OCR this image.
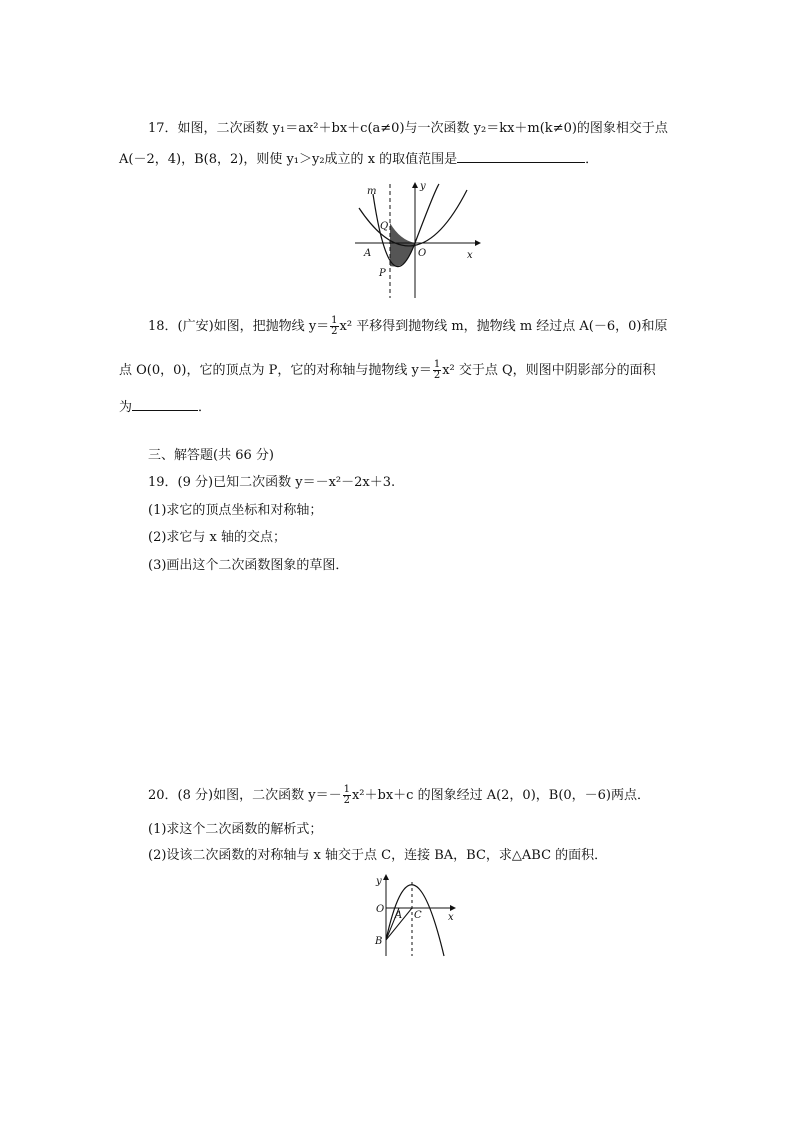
17．如图，二次函数 y₁＝ax²＋bx＋c(a≠0)与一次函数 y₂＝kx＋m(k≠0)的图象相交于点
A(－2，4)，B(8，2)，则使 y₁＞y₂成立的 x 的取值范围是	．
m	y
Q
A	O	x
P
18．(广安)如图，把抛物线 $y= \frac{1}{2} x^2$ 平移得到抛物线 m，抛物线 m 经过点 A(－6，0)和原
点 O(0，0)，它的顶点为 P，它的对称轴与抛物线 $y= \frac{1}{2} x^2$ 交于点 Q，则图中阴影部分的面积
为	．
三、解答题(共 66 分)
19．(9 分)已知二次函数 y＝－x²－2x＋3.
(1)求它的顶点坐标和对称轴；
(2)求它与 x 轴的交点；
(3)画出这个二次函数图象的草图．
20．(8 分)如图，二次函数 $y=- \frac{1}{2} x^2+bx+c$ 的图象经过 A(2，0)，B(0，－6)两点．
(1)求这个二次函数的解析式；
(2)设该二次函数的对称轴与 x 轴交于点 C，连接 BA，BC，求△ABC 的面积．
y
O
A C	x
B
